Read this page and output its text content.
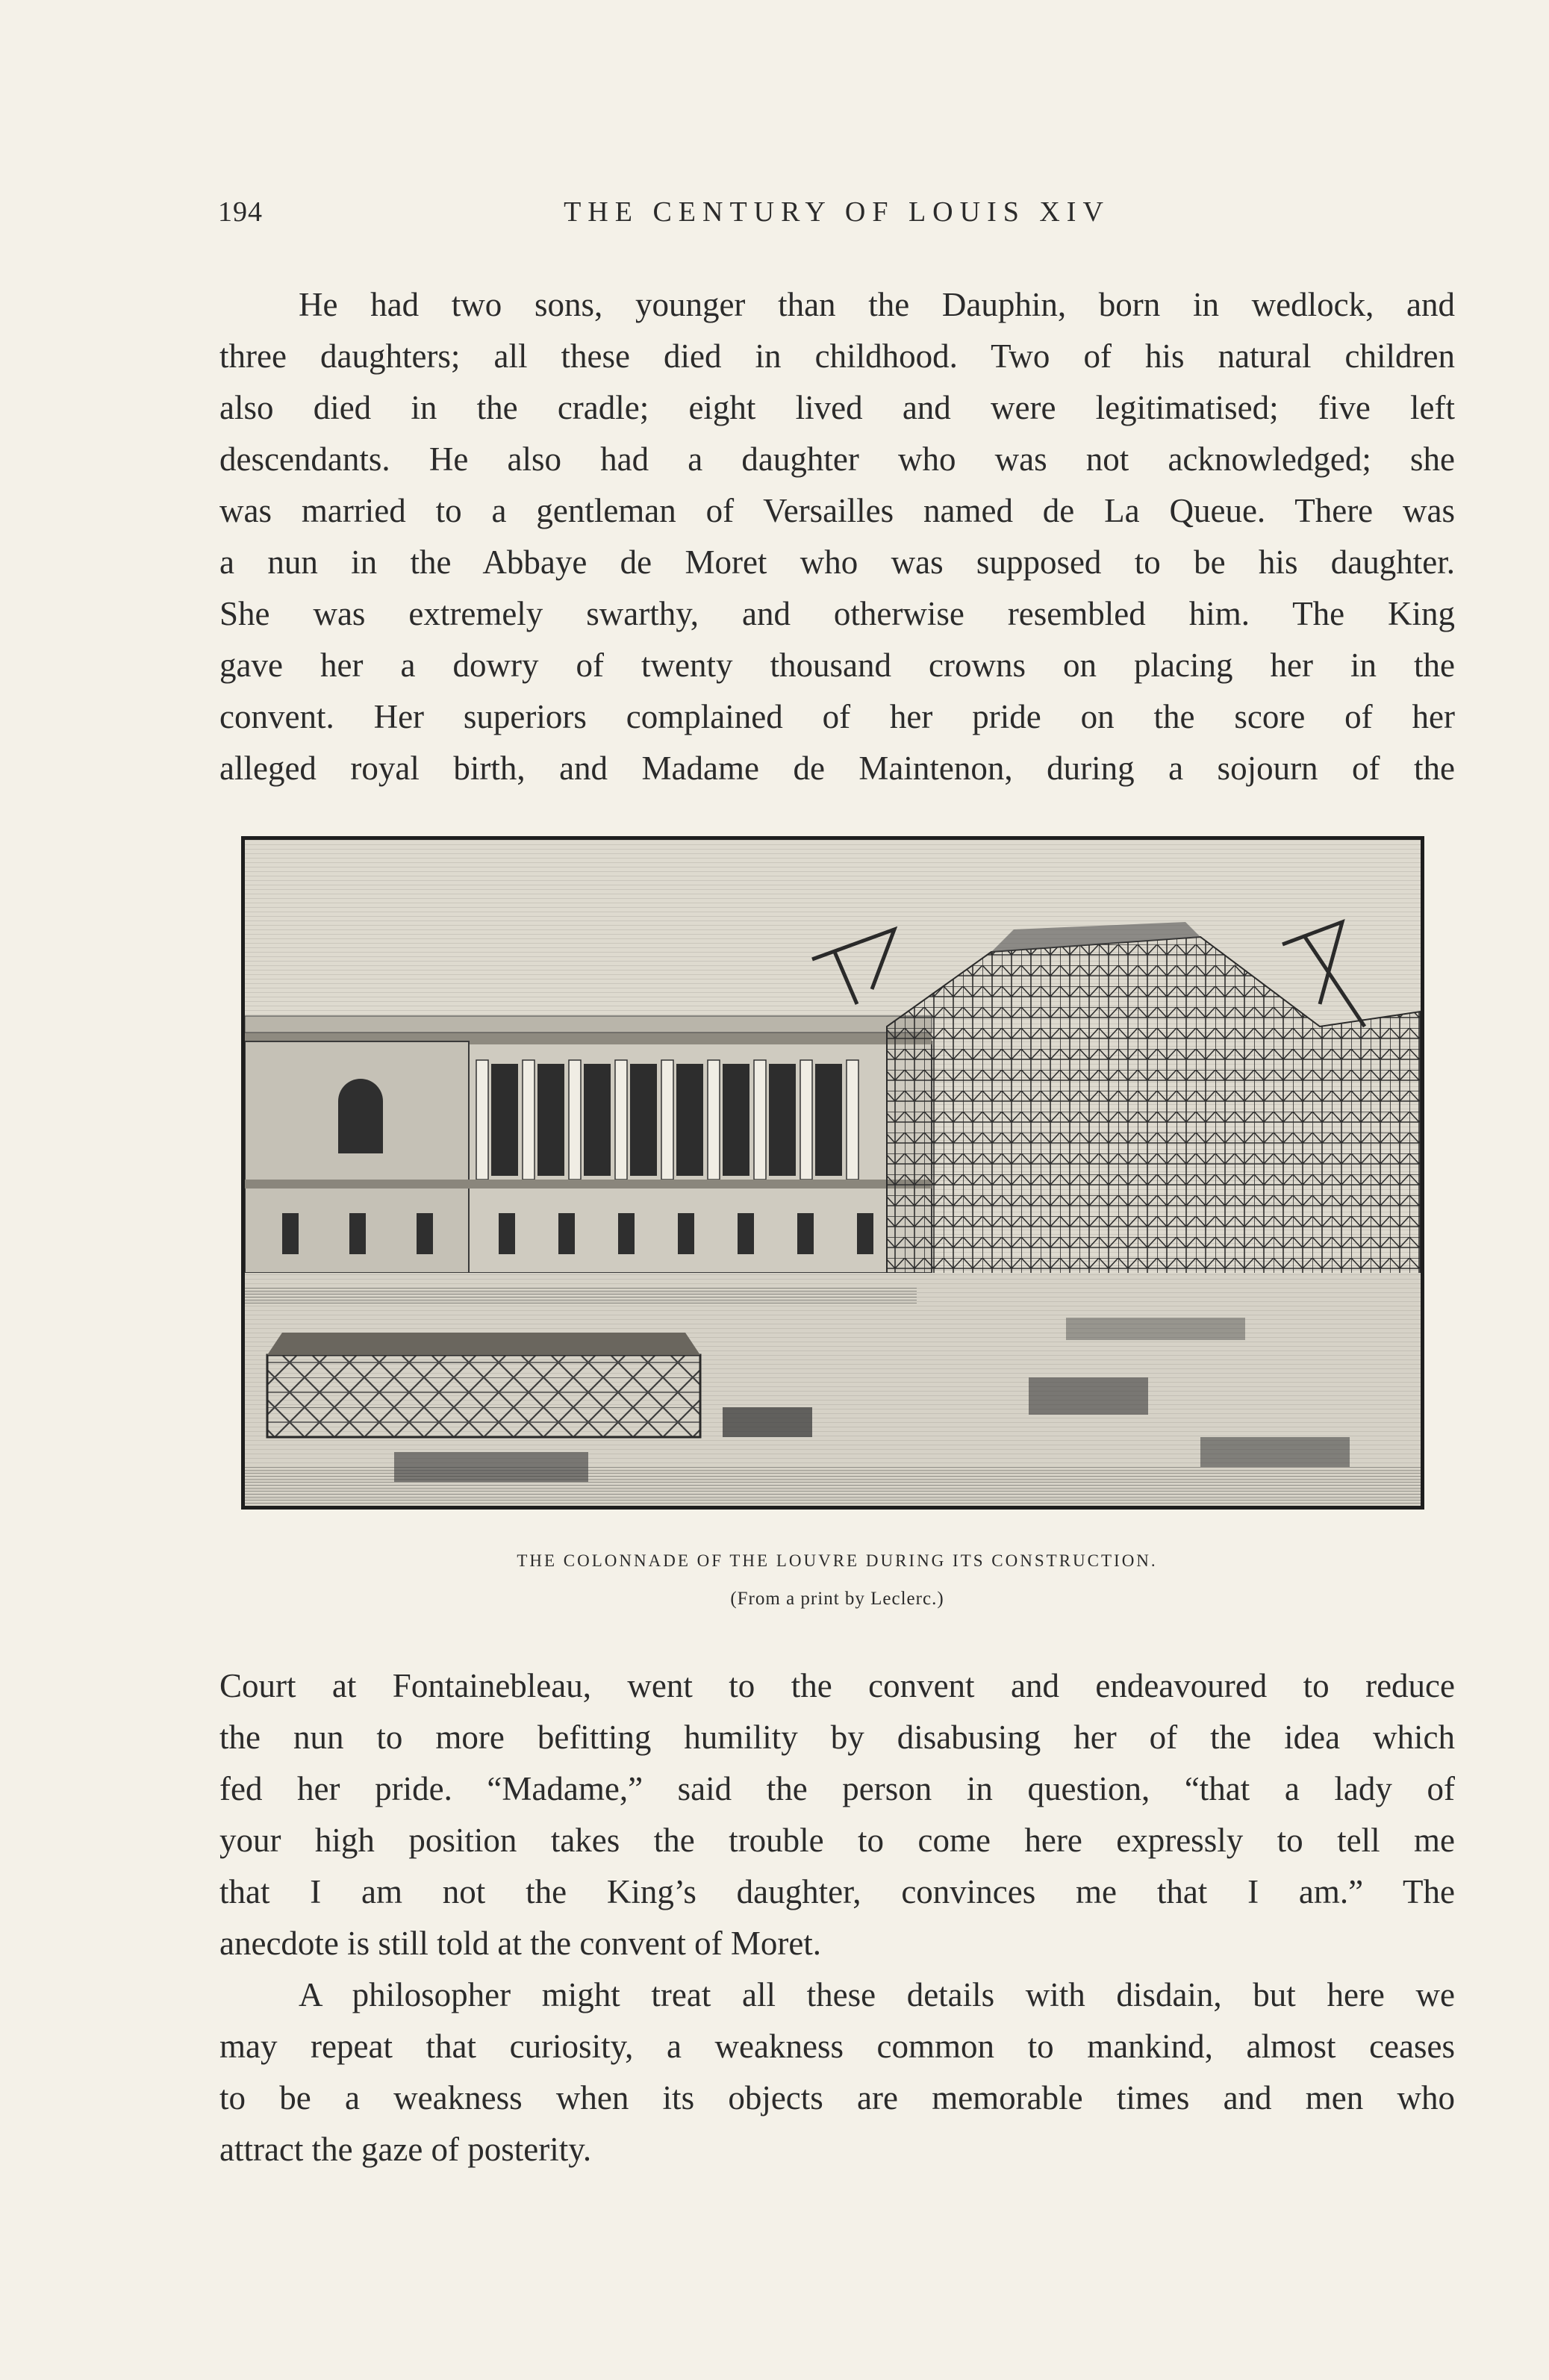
194	THE CENTURY OF LOUIS XIV
He had two sons, younger than the Dauphin, born in wedlock, and
three daughters; all these died in childhood. Two of his natural children
also died in the cradle; eight lived and were legitimatised; five left
descendants. He also had a daughter who was not acknowledged; she
was married to a gentleman of Versailles named de La Queue. There was
a nun in the Abbaye de Moret who was supposed to be his daughter.
She was extremely swarthy, and otherwise resembled him. The King
gave her a dowry of twenty thousand crowns on placing her in the
convent. Her superiors complained of her pride on the score of her
alleged royal birth, and Madame de Maintenon, during a sojourn of the
THE COLONNADE OF THE LOUVRE DURING ITS CONSTRUCTION.
(From a print by Leclerc.)
Court at Fontainebleau, went to the convent and endeavoured to reduce
the nun to more befitting humility by disabusing her of the idea which
fed her pride. “Madame,” said the person in question, “that a lady of
your high position takes the trouble to come here expressly to tell me
that I am not the King’s daughter, convinces me that I am.” The
anecdote is still told at the convent of Moret.
A philosopher might treat all these details with disdain, but here we
may repeat that curiosity, a weakness common to mankind, almost ceases
to be a weakness when its objects are memorable times and men who
attract the gaze of posterity.
